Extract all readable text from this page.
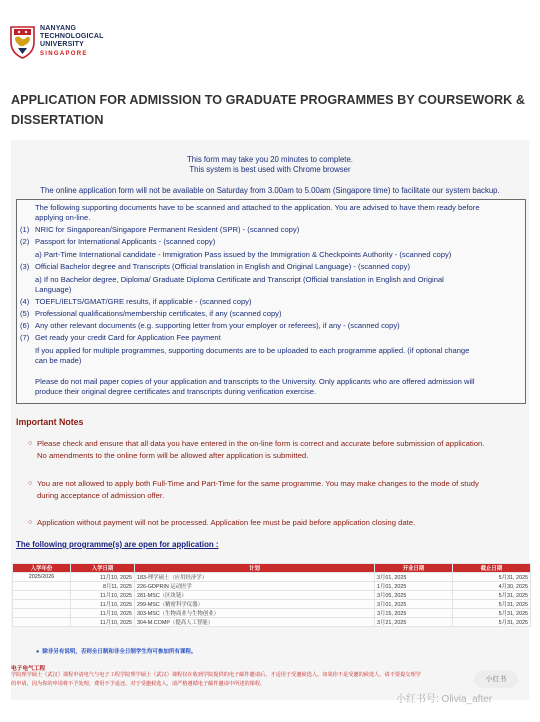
NANYANG
TECHNOLOGICAL
UNIVERSITY
SINGAPORE
APPLICATION FOR ADMISSION TO GRADUATE PROGRAMMES BY COURSEWORK & DISSERTATION
This form may take you 20 minutes to complete.
This system is best used with Chrome browser
The online application form will not be available on Saturday from 3.00am to 5.00am (Singapore time) to facilitate our system backup.
The following supporting documents have to be scanned and attached to the application. You are advised to have them ready before
applying on-line.
(1) NRIC for Singaporean/Singapore Permanent Resident (SPR) - (scanned copy)
(2) Passport for International Applicants - (scanned copy)
a) Part-Time International candidate - Immigration Pass issued by the Immigration & Checkpoints Authority - (scanned copy)
(3) Official Bachelor degree and Transcripts (Official translation in English and Original Language) - (scanned copy)
a) If no Bachelor degree, Diploma/ Graduate Diploma Certificate and Transcript (Official translation in English and Original
Language)
(4) TOEFL/IELTS/GMAT/GRE results, if applicable - (scanned copy)
(5) Professional qualifications/membership certificates, if any (scanned copy)
(6) Any other relevant documents (e.g. supporting letter from your employer or referees), if any - (scanned copy)
(7) Get ready your credit Card for Application Fee payment
If you applied for multiple programmes, supporting documents are to be uploaded to each programme applied. (if optional change
can be made)
Please do not mail paper copies of your application and transcripts to the University. Only applicants who are offered admission will
produce their original degree certificates and transcripts during verification exercise.
Important Notes
○ Please check and ensure that all data you have entered in the on-line form is correct and accurate before submission of application.
No amendments to the online form will be allowed after application is submitted.
○ You are not allowed to apply both Full-Time and Part-Time for the same programme. You may make changes to the mode of study
during acceptance of admission offer.
○ Application without payment will not be processed. Application fee must be paid before application closing date.
The following programme(s) are open for application :
入学年份	入学日期	计划	开业日期	截止日期
2025/2026	11月10, 2025	183-理学硕士（应用经济学）	3月01, 2025	5月31, 2025
	8月11, 2025	226-GDPRIN 运动医学	1月01, 2025	4月30, 2025
	11月10, 2025	281-MSC（区块链）	3月05, 2025	5月31, 2025
	11月10, 2025	299-MSC（精密科学仪器）	3月01, 2025	5月31, 2025
	11月10, 2025	303-MSC（生物商业与生物创业）	3月15, 2025	5月31, 2025
	11月10, 2025	304-M.COMP（提高人工智能）	3月21, 2025	5月31, 2025
● 除非另有说明，否则全日制和非全日制学生均可参加所有课程。
电子电气工程
学院理学硕士（武汉）课程申请电气与电子工程学院理学硕士（武汉）课程仅在收到学院提供的电子邮件邀请后，才适用于受邀候选人。如果你不是受邀的候选人，请不要提交理学
的申请，因为你的申请将不予处理，费用不予退还。对于受邀候选人，请严格遵循电子邮件邀请中所述的课程。
小红书
小红书号: Olivia_after
